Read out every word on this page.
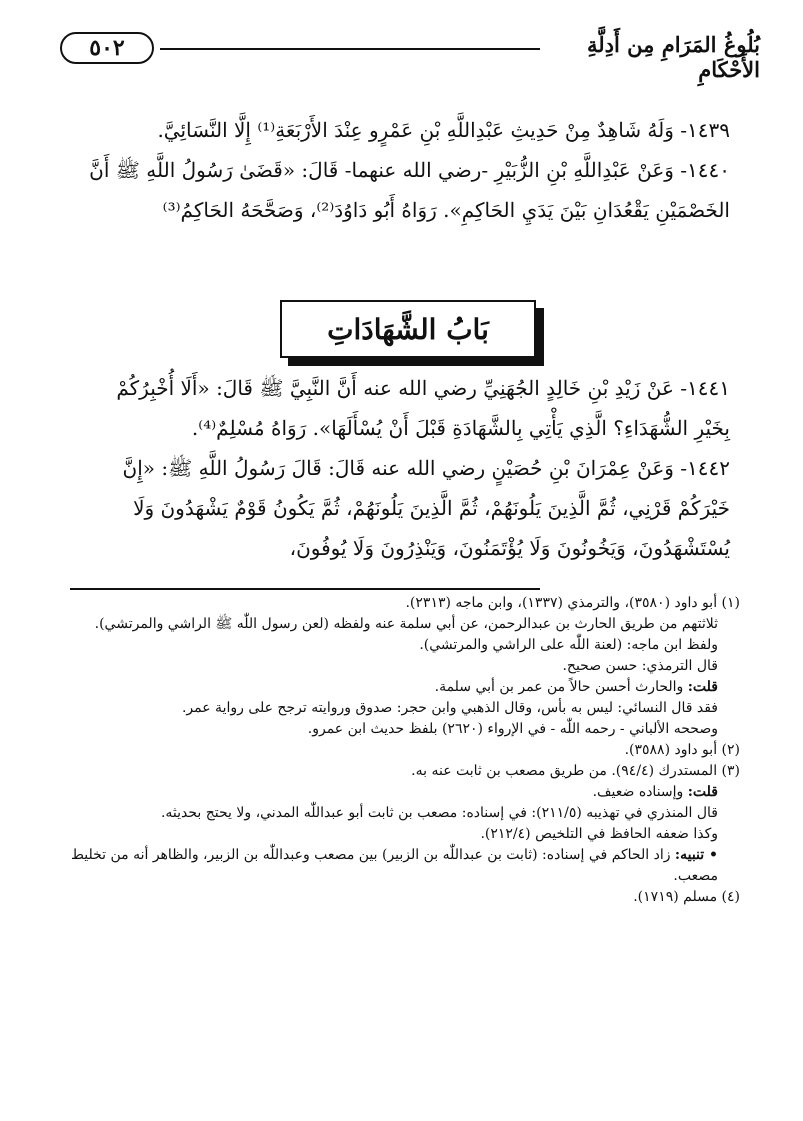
٥٠٢	بُلُوغُ المَرَامِ مِن أَدِلَّةِ الأَحْكَامِ

١٤٣٩- وَلَهُ شَاهِدٌ مِنْ حَدِيثِ عَبْدِاللَّهِ بْنِ عَمْرٍو عِنْدَ الأَرْبَعَةِ⁽¹⁾ إِلَّا النَّسَائِيَّ.

١٤٤٠- وَعَنْ عَبْدِاللَّهِ بْنِ الزُّبَيْرِ -رضي الله عنهما- قَالَ: «قَضَىٰ رَسُولُ اللَّهِ ﷺ أَنَّ الخَصْمَيْنِ يَقْعُدَانِ بَيْنَ يَدَيِ الحَاكِمِ». رَوَاهُ أَبُو دَاوُدَ⁽²⁾، وَصَحَّحَهُ الحَاكِمُ⁽³⁾

بَابُ الشَّهَادَاتِ

١٤٤١- عَنْ زَيْدِ بْنِ خَالِدٍ الجُهَنِيِّ رضي الله عنه أَنَّ النَّبِيَّ ﷺ قَالَ: «أَلَا أُخْبِرُكُمْ بِخَيْرِ الشُّهَدَاءِ؟ الَّذِي يَأْتِي بِالشَّهَادَةِ قَبْلَ أَنْ يُسْأَلَهَا». رَوَاهُ مُسْلِمٌ⁽⁴⁾.

١٤٤٢- وَعَنْ عِمْرَانَ بْنِ حُصَيْنٍ رضي الله عنه قَالَ: قَالَ رَسُولُ اللَّهِ ﷺ: «إِنَّ خَيْرَكُمْ قَرْنِي، ثُمَّ الَّذِينَ يَلُونَهُمْ، ثُمَّ الَّذِينَ يَلُونَهُمْ، ثُمَّ يَكُونُ قَوْمٌ يَشْهَدُونَ وَلَا يُسْتَشْهَدُونَ، وَيَخُونُونَ وَلَا يُؤْتَمَنُونَ، وَيَنْذِرُونَ وَلَا يُوفُونَ،

(١) أبو داود (٣٥٨٠)، والترمذي (١٣٣٧)، وابن ماجه (٢٣١٣).

ثلاثتهم من طريق الحارث بن عبدالرحمن، عن أبي سلمة عنه ولفظه (لعن رسول اللّٰه ﷺ الراشي والمرتشي).

ولفظ ابن ماجه: (لعنة اللّٰه على الراشي والمرتشي).

قال الترمذي: حسن صحيح.

قلت: والحارث أحسن حالاً من عمر بن أبي سلمة.

فقد قال النسائي: ليس به بأس، وقال الذهبي وابن حجر: صدوق وروايته ترجح على رواية عمر.

وصححه الألباني - رحمه اللّٰه - في الإرواء (٢٦٢٠) بلفظ حديث ابن عمرو.

(٢) أبو داود (٣٥٨٨).

(٣) المستدرك (٩٤/٤). من طريق مصعب بن ثابت عنه به.

قلت: وإسناده ضعيف.

قال المنذري في تهذيبه (٢١١/٥): في إسناده: مصعب بن ثابت أبو عبداللّٰه المدني، ولا يحتج بحديثه.

وكذا ضعفه الحافظ في التلخيص (٢١٢/٤).

• تنبيه: زاد الحاكم في إسناده: (ثابت بن عبداللّٰه بن الزبير) بين مصعب وعبداللّٰه بن الزبير، والظاهر أنه من تخليط مصعب.

(٤) مسلم (١٧١٩).
